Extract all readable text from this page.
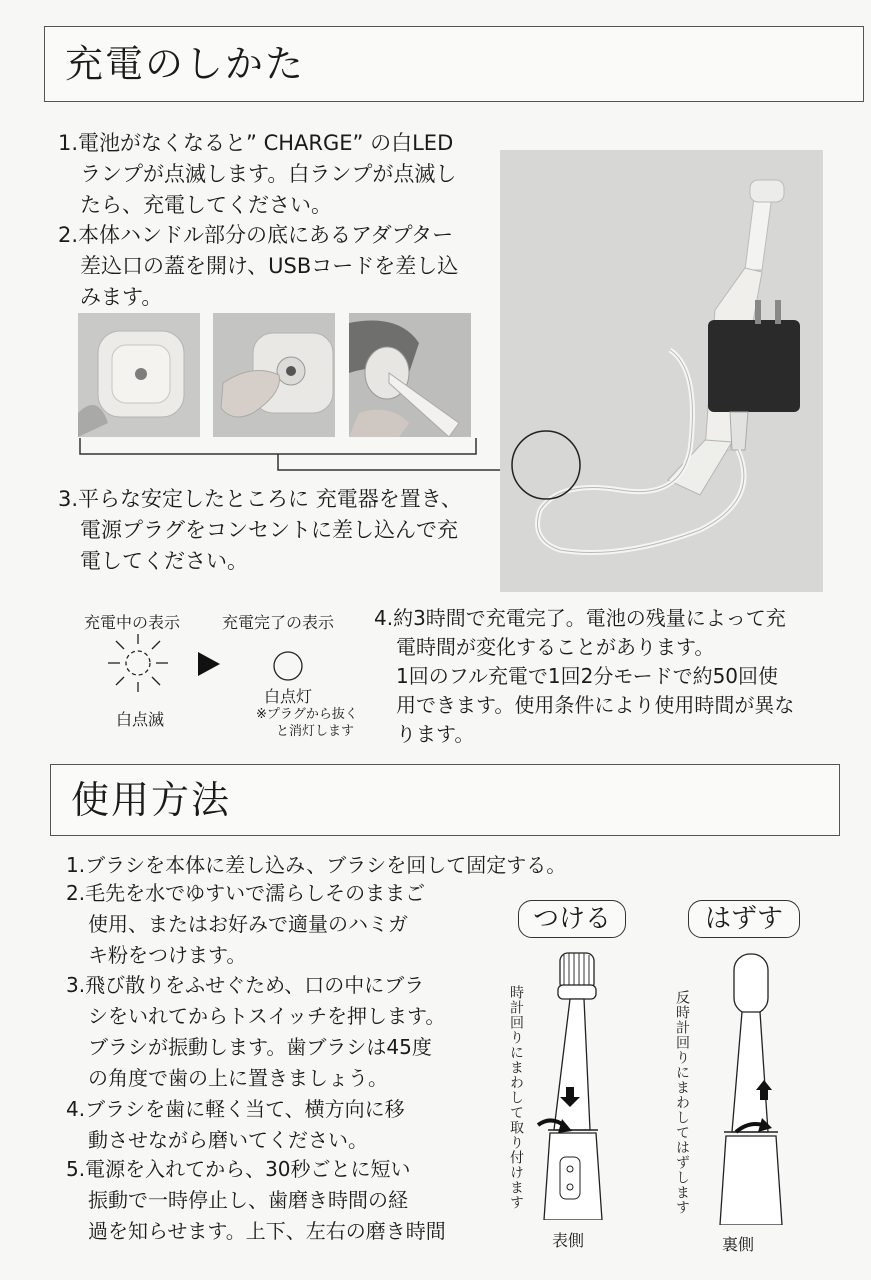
充電のしかた
1.電池がなくなると” CHARGE” の白LED
ランプが点滅します。白ランプが点滅し
たら、充電してください。
2.本体ハンドル部分の底にあるアダプター
差込口の蓋を開け、USBコードを差し込
みます。
3.平らな安定したところに 充電器を置き、
電源プラグをコンセントに差し込んで充
電してください。
充電中の表示	充電完了の表示
白点滅
白点灯
※プラグから抜く
と消灯します
4.約3時間で充電完了。電池の残量によって充
電時間が変化することがあります。
1回のフル充電で1回2分モードで約50回使
用できます。使用条件により使用時間が異な
ります。
使用方法
1.ブラシを本体に差し込み、ブラシを回して固定する。
2.毛先を水でゆすいで濡らしそのままご
使用、またはお好みで適量のハミガ
キ粉をつけます。
3.飛び散りをふせぐため、口の中にブラ
シをいれてからトスイッチを押します。
ブラシが振動します。歯ブラシは45度
の角度で歯の上に置きましょう。
4.ブラシを歯に軽く当て、横方向に移
動させながら磨いてください。
5.電源を入れてから、30秒ごとに短い
振動で一時停止し、歯磨き時間の経
過を知らせます。上下、左右の磨き時間
つける	はずす
時計回りにまわして取り付けます	反時計回りにまわしてはずします
表側	裏側
